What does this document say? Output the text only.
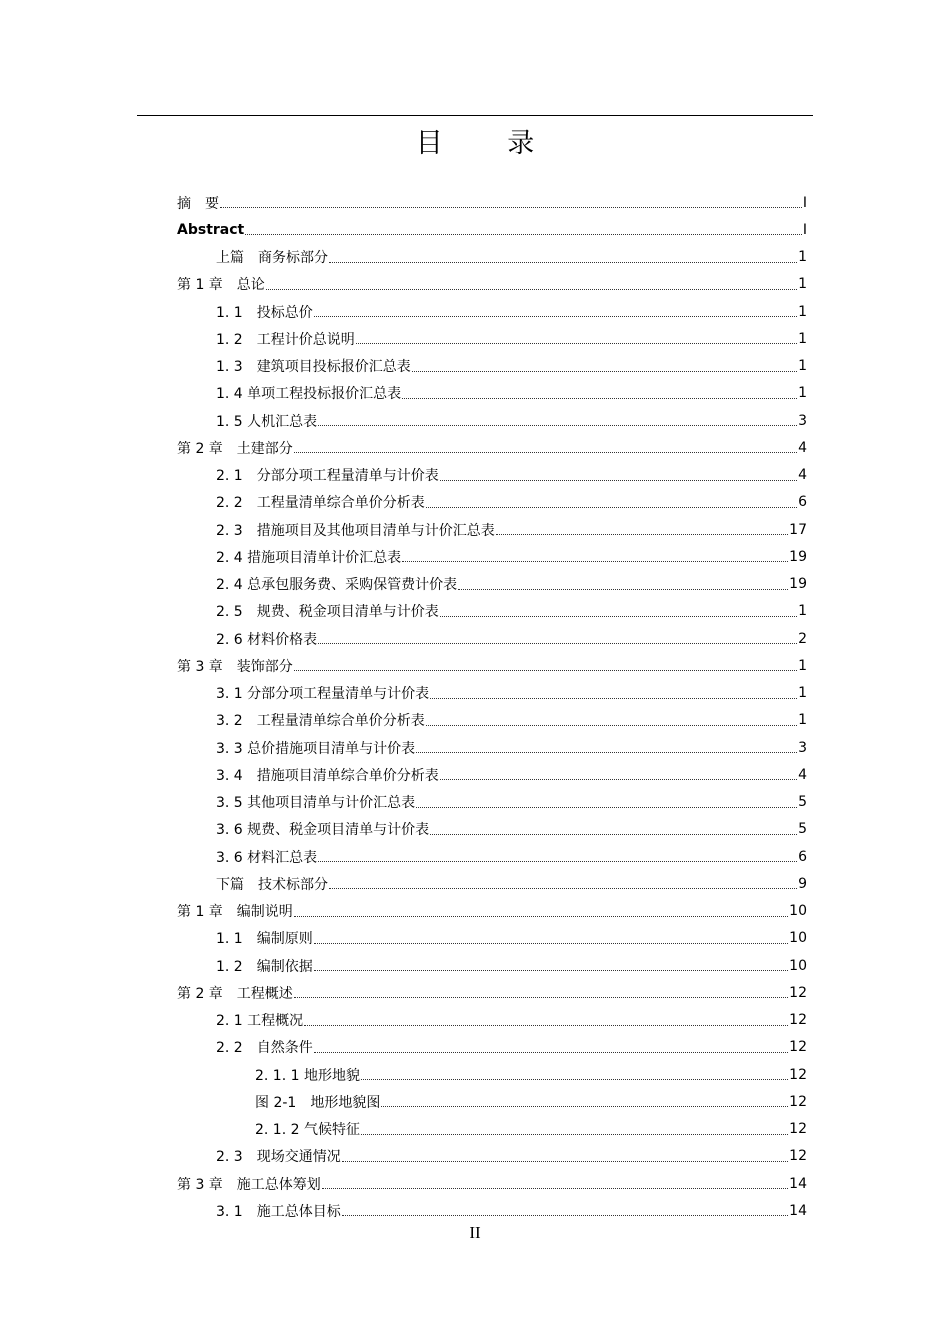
目 录
摘　要	I
Abstract	I
上篇　商务标部分	1
第 1 章　总论	1
1. 1　投标总价	1
1. 2　工程计价总说明	1
1. 3　建筑项目投标报价汇总表	1
1. 4 单项工程投标报价汇总表	1
1. 5 人机汇总表	3
第 2 章　土建部分	4
2. 1　分部分项工程量清单与计价表	4
2. 2　工程量清单综合单价分析表	6
2. 3　措施项目及其他项目清单与计价汇总表	17
2. 4 措施项目清单计价汇总表	19
2. 4 总承包服务费、采购保管费计价表	19
2. 5　规费、税金项目清单与计价表	1
2. 6 材料价格表	2
第 3 章　装饰部分	1
3. 1 分部分项工程量清单与计价表	1
3. 2　工程量清单综合单价分析表	1
3. 3 总价措施项目清单与计价表	3
3. 4　措施项目清单综合单价分析表	4
3. 5 其他项目清单与计价汇总表	5
3. 6 规费、税金项目清单与计价表	5
3. 6 材料汇总表	6
下篇　技术标部分	9
第 1 章　编制说明	10
1. 1　编制原则	10
1. 2　编制依据	10
第 2 章　工程概述	12
2. 1 工程概况	12
2. 2　自然条件	12
2. 1. 1 地形地貌	12
图 2-1　地形地貌图	12
2. 1. 2 气候特征	12
2. 3　现场交通情况	12
第 3 章　施工总体筹划	14
3. 1　施工总体目标	14
II
